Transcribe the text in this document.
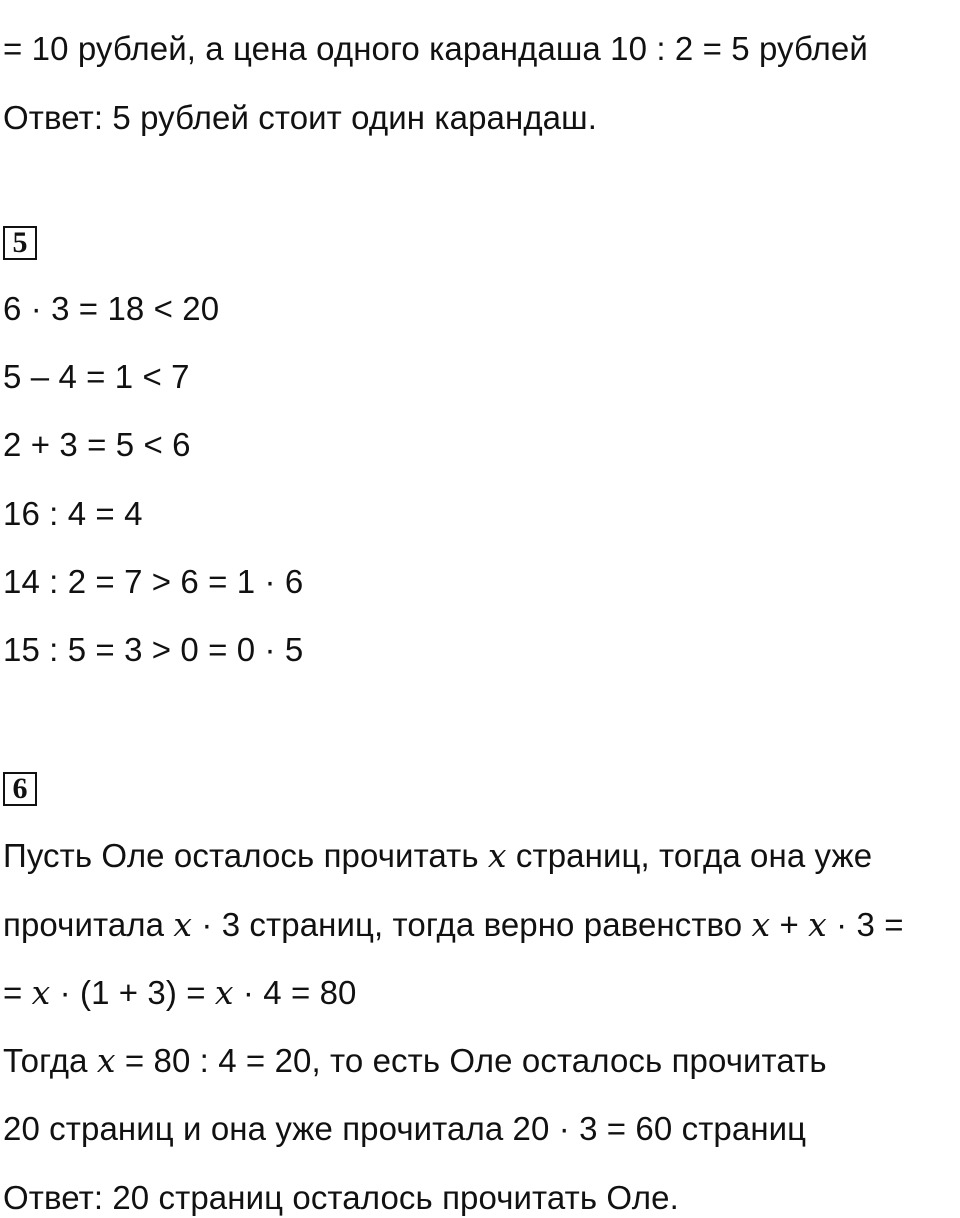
= 10 рублей, а цена одного карандаша 10 : 2 = 5 рублей
Ответ: 5 рублей стоит один карандаш.
5
6 · 3 = 18 < 20
5 – 4 = 1 < 7
2 + 3 = 5 < 6
16 : 4 = 4
14 : 2 = 7 > 6 = 1 · 6
15 : 5 = 3 > 0 = 0 · 5
6
Пусть Оле осталось прочитать x страниц, тогда она уже
прочитала x · 3 страниц, тогда верно равенство x + x · 3 =
= x · (1 + 3) = x · 4 = 80
Тогда x = 80 : 4 = 20, то есть Оле осталось прочитать
20 страниц и она уже прочитала 20 · 3 = 60 страниц
Ответ: 20 страниц осталось прочитать Оле.
